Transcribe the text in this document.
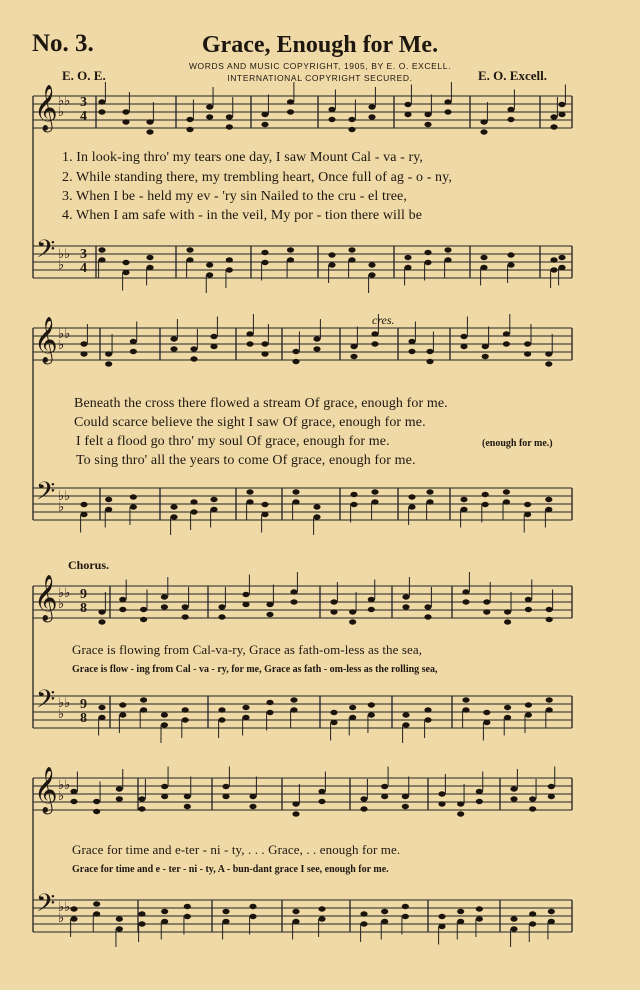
No. 3.	Grace, Enough for Me.
WORDS AND MUSIC COPYRIGHT, 1905, BY E. O. EXCELL.
INTERNATIONAL COPYRIGHT SECURED.
E. O. E.	E. O. Excell.
𝄞
𝄢
𝄞
𝄢
𝄞
𝄢
𝄞
𝄢
♭♭
♭
3
4
♭♭
♭
3
4
♭♭
♭
♭♭
♭
♭♭
♭
9
8
♭♭
♭
9
8
♭♭
♭
♭♭
♭
1. In look-ing thro' my tears one day, I saw Mount Cal - va - ry,
2. While standing there, my trembling heart, Once full of ag - o - ny,
3. When I be - held my ev - 'ry sin Nailed to the cru - el tree,
4. When I am safe with - in the veil, My por - tion there will be
cres.
Beneath the cross there flowed a stream Of grace, enough for me.
Could scarce believe the sight I saw Of grace, enough for me.
I felt a flood go thro' my soul Of grace, enough for me.	(enough for me.)
To sing thro' all the years to come Of grace, enough for me.
Chorus.
Grace is flowing from Cal-va-ry, Grace as fath-om-less as the sea,
Grace is flow - ing from Cal - va - ry, for me, Grace as fath - om-less as the rolling sea,
Grace for time and e-ter - ni - ty, . . . Grace, . . enough for me.
Grace for time and e - ter - ni - ty, A - bun-dant grace I see, enough for me.
